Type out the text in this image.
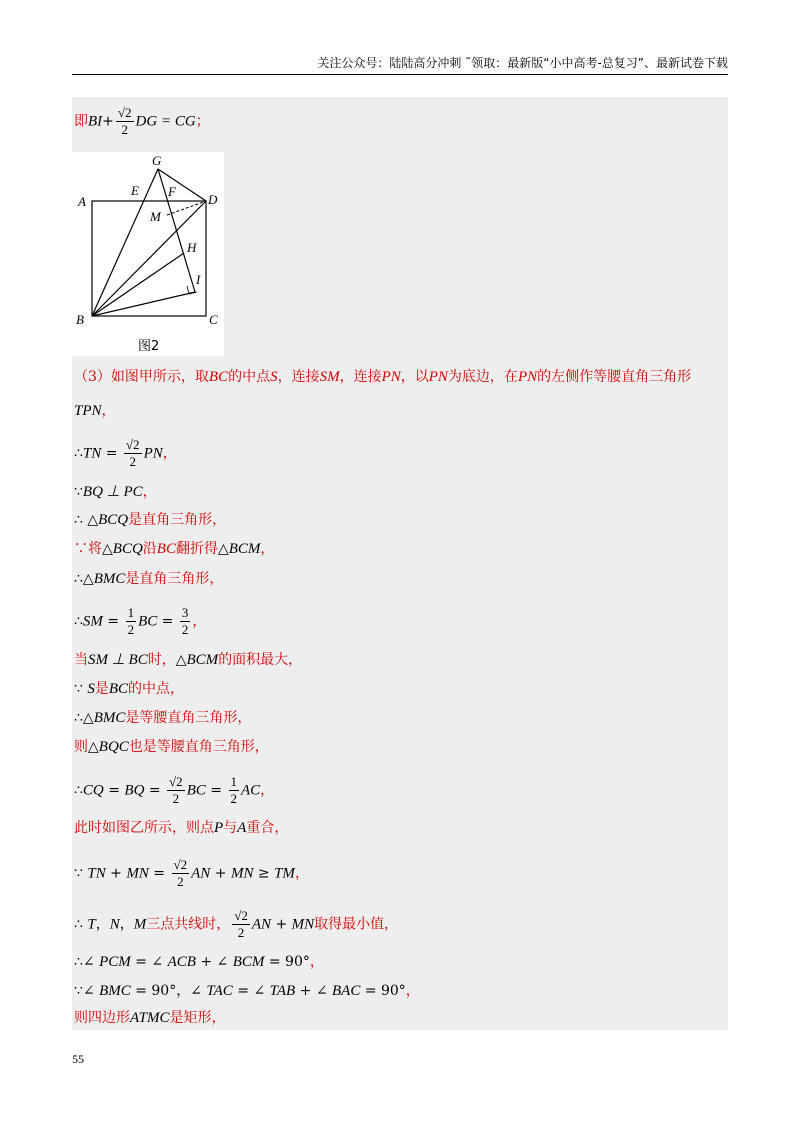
关注公众号：陆陆高分冲刺 ˜领取：最新版“小中高考-总复习”、最新试卷下载
即$BI+ \frac{√2}{2}$ DG = CG；
（3）如图甲所示，取BC的中点S，连接SM，连接PN，以PN为底边，在PN的左侧作等腰直角三角形
TPN，
∴TN = $\frac{√2}{2}$ PN，
∵BQ ⊥ PC，
∴ △BCQ是直角三角形，
∵将△BCQ沿BC翻折得△BCM，
∴△BMC是直角三角形，
∴SM = $\frac{1}{2}$ BC = $\frac{3}{2}$ ，
当SM ⊥ BC时，△BCM的面积最大，
∵ S是BC的中点，
∴△BMC是等腰直角三角形，
则△BQC也是等腰直角三角形，
∴CQ = BQ = $\frac{√2}{2}$ BC = $\frac{1}{2}$ AC，
此时如图乙所示，则点P与A重合，
∵ TN + MN = $\frac{√2}{2}$ AN + MN ≥ TM，
∴ T，N，M三点共线时， $\frac{√2}{2}$ AN + MN取得最小值，
∴∠ PCM = ∠ ACB + ∠ BCM = 90°，
∵∠ BMC = 90°，∠ TAC = ∠ TAB + ∠ BAC = 90°，
则四边形ATMC是矩形，
A
B	C
D
E F
G
H
I
M
图2
55
